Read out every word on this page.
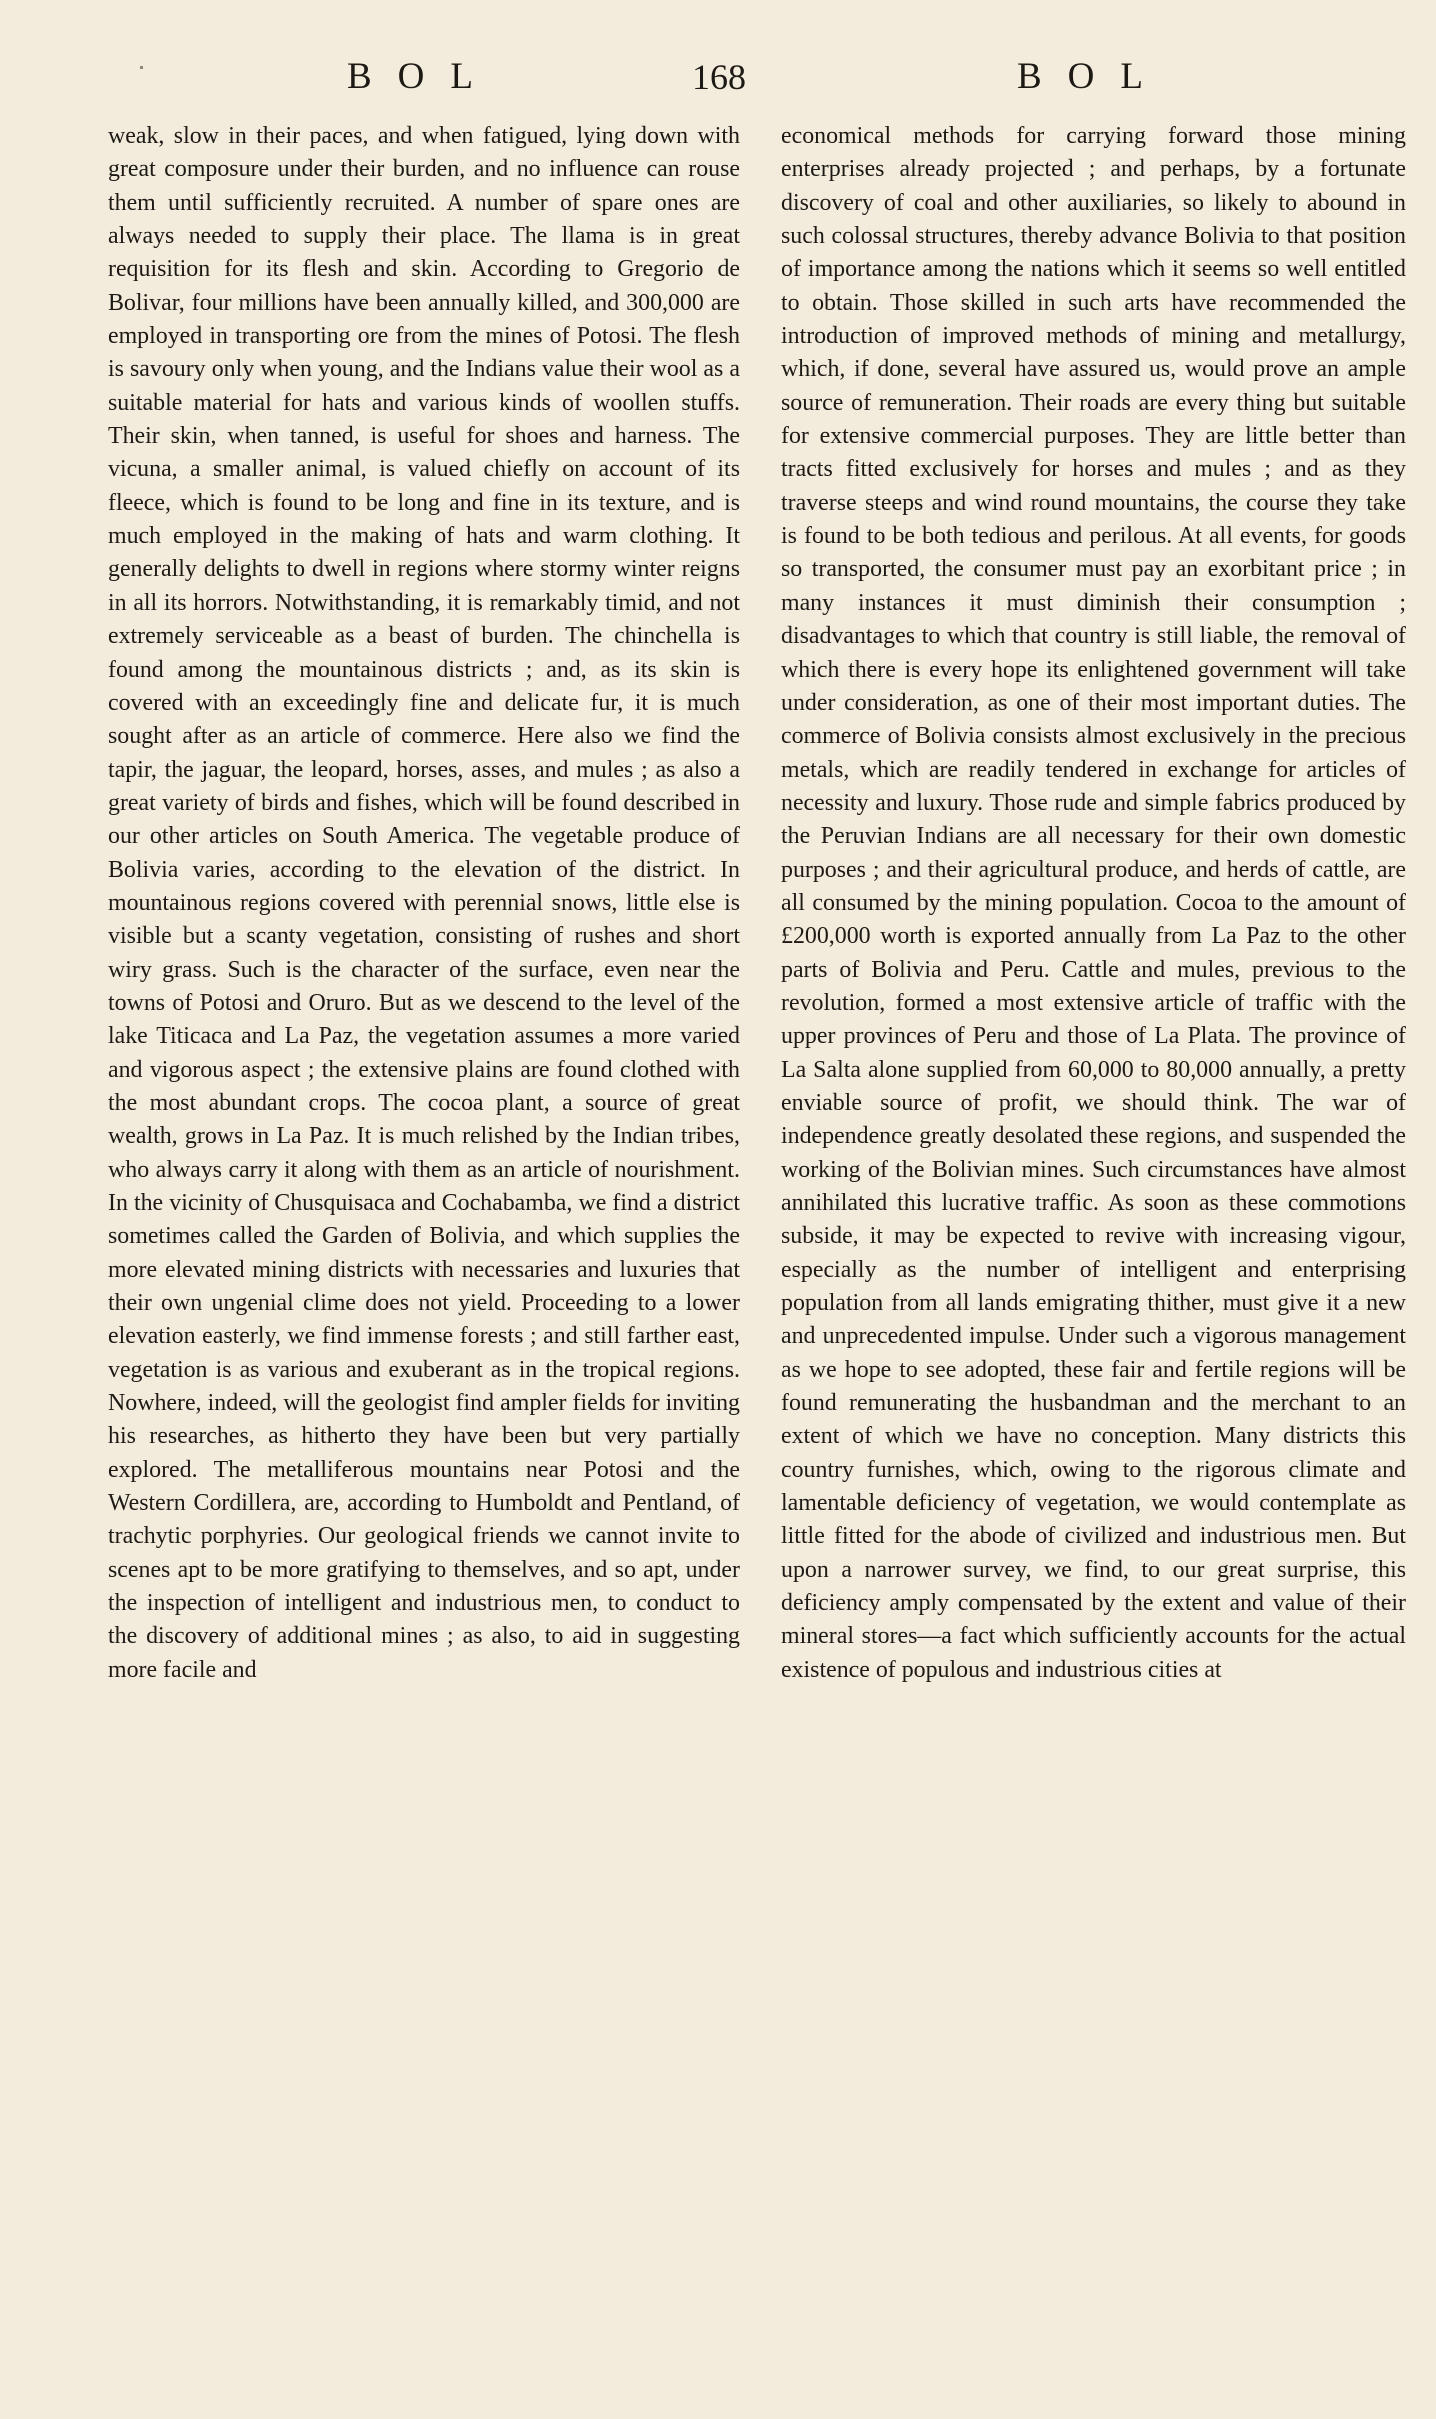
BOL	168	BOL

weak, slow in their paces, and when fatigued, lying down with great composure under their burden, and no influence can rouse them until sufficiently recruited. A number of spare ones are always needed to supply their place. The llama is in great requisition for its flesh and skin. According to Gregorio de Bolivar, four millions have been annually killed, and 300,000 are employed in transporting ore from the mines of Potosi. The flesh is savoury only when young, and the Indians value their wool as a suitable material for hats and various kinds of woollen stuffs. Their skin, when tanned, is useful for shoes and harness. The vicuna, a smaller animal, is valued chiefly on account of its fleece, which is found to be long and fine in its texture, and is much employed in the making of hats and warm clothing. It generally delights to dwell in regions where stormy winter reigns in all its horrors. Notwithstanding, it is remarkably timid, and not extremely serviceable as a beast of burden. The chinchella is found among the mountainous districts ; and, as its skin is covered with an exceedingly fine and delicate fur, it is much sought after as an article of commerce. Here also we find the tapir, the jaguar, the leopard, horses, asses, and mules ; as also a great variety of birds and fishes, which will be found described in our other articles on South America. The vegetable produce of Bolivia varies, according to the elevation of the district. In mountainous regions covered with perennial snows, little else is visible but a scanty vegetation, consisting of rushes and short wiry grass. Such is the character of the surface, even near the towns of Potosi and Oruro. But as we descend to the level of the lake Titicaca and La Paz, the vegetation assumes a more varied and vigorous aspect ; the extensive plains are found clothed with the most abundant crops. The cocoa plant, a source of great wealth, grows in La Paz. It is much relished by the Indian tribes, who always carry it along with them as an article of nourishment. In the vicinity of Chusquisaca and Cochabamba, we find a district sometimes called the Garden of Bolivia, and which supplies the more elevated mining districts with necessaries and luxuries that their own ungenial clime does not yield. Proceeding to a lower elevation easterly, we find immense forests ; and still farther east, vegetation is as various and exuberant as in the tropical regions. Nowhere, indeed, will the geologist find ampler fields for inviting his researches, as hitherto they have been but very partially explored. The metalliferous mountains near Potosi and the Western Cordillera, are, according to Humboldt and Pentland, of trachytic porphyries. Our geological friends we cannot invite to scenes apt to be more gratifying to themselves, and so apt, under the inspection of intelligent and industrious men, to conduct to the discovery of additional mines ; as also, to aid in suggesting more facile and

economical methods for carrying forward those mining enterprises already projected ; and perhaps, by a fortunate discovery of coal and other auxiliaries, so likely to abound in such colossal structures, thereby advance Bolivia to that position of importance among the nations which it seems so well entitled to obtain. Those skilled in such arts have recommended the introduction of improved methods of mining and metallurgy, which, if done, several have assured us, would prove an ample source of remuneration. Their roads are every thing but suitable for extensive commercial purposes. They are little better than tracts fitted exclusively for horses and mules ; and as they traverse steeps and wind round mountains, the course they take is found to be both tedious and perilous. At all events, for goods so transported, the consumer must pay an exorbitant price ; in many instances it must diminish their consumption ; disadvantages to which that country is still liable, the removal of which there is every hope its enlightened government will take under consideration, as one of their most important duties. The commerce of Bolivia consists almost exclusively in the precious metals, which are readily tendered in exchange for articles of necessity and luxury. Those rude and simple fabrics produced by the Peruvian Indians are all necessary for their own domestic purposes ; and their agricultural produce, and herds of cattle, are all consumed by the mining population. Cocoa to the amount of £200,000 worth is exported annually from La Paz to the other parts of Bolivia and Peru. Cattle and mules, previous to the revolution, formed a most extensive article of traffic with the upper provinces of Peru and those of La Plata. The province of La Salta alone supplied from 60,000 to 80,000 annually, a pretty enviable source of profit, we should think. The war of independence greatly desolated these regions, and suspended the working of the Bolivian mines. Such circumstances have almost annihilated this lucrative traffic. As soon as these commotions subside, it may be expected to revive with increasing vigour, especially as the number of intelligent and enterprising population from all lands emigrating thither, must give it a new and unprecedented impulse. Under such a vigorous management as we hope to see adopted, these fair and fertile regions will be found remunerating the husbandman and the merchant to an extent of which we have no conception. Many districts this country furnishes, which, owing to the rigorous climate and lamentable deficiency of vegetation, we would contemplate as little fitted for the abode of civilized and industrious men. But upon a narrower survey, we find, to our great surprise, this deficiency amply compensated by the extent and value of their mineral stores—a fact which sufficiently accounts for the actual existence of populous and industrious cities at
